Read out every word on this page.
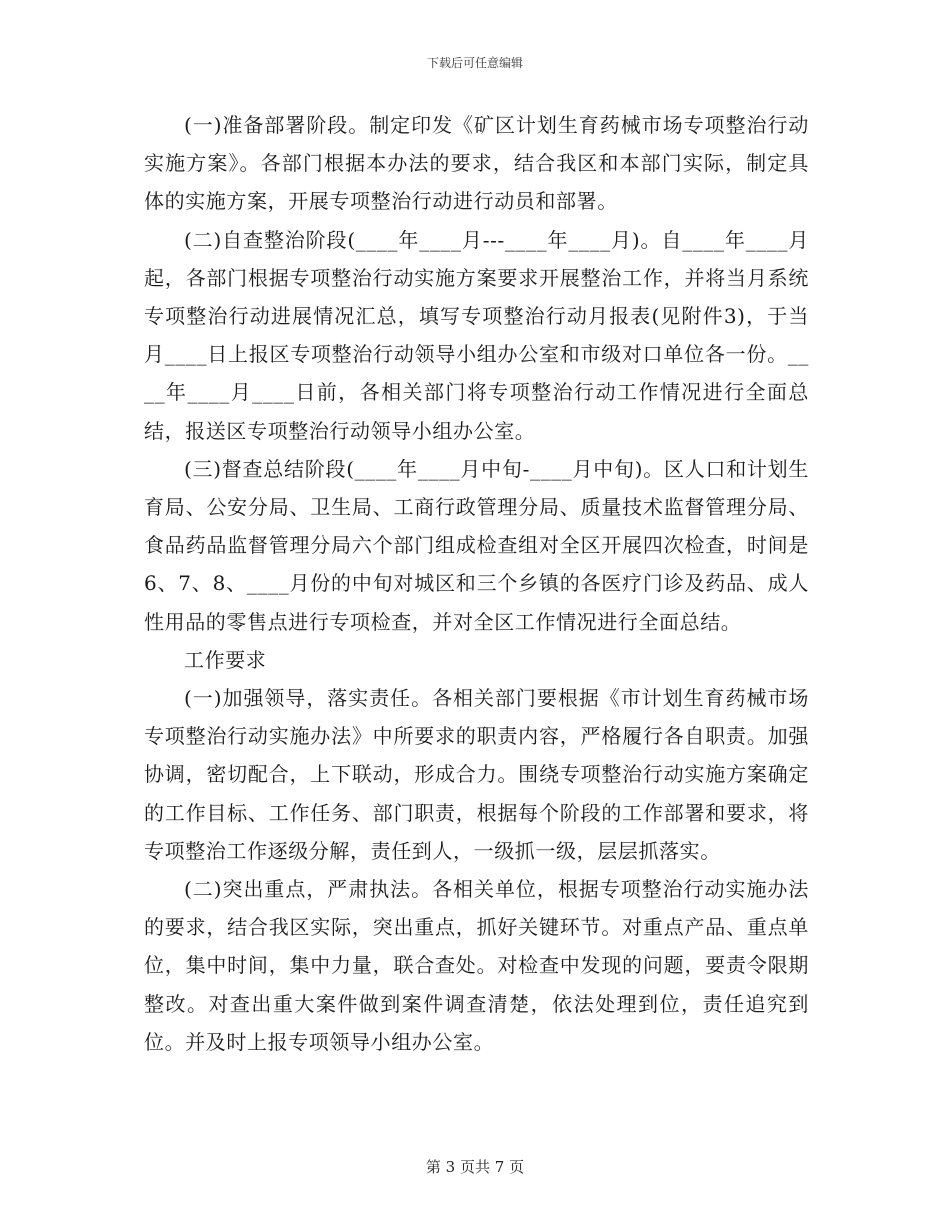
下载后可任意编辑

(一)准备部署阶段。制定印发《矿区计划生育药械市场专项整治行动实施方案》。各部门根据本办法的要求，结合我区和本部门实际，制定具体的实施方案，开展专项整治行动进行动员和部署。

(二)自查整治阶段(____年____月---____年____月)。自____年____月起，各部门根据专项整治行动实施方案要求开展整治工作，并将当月系统专项整治行动进展情况汇总，填写专项整治行动月报表(见附件3)，于当月____日上报区专项整治行动领导小组办公室和市级对口单位各一份。____年____月____日前，各相关部门将专项整治行动工作情况进行全面总结，报送区专项整治行动领导小组办公室。

(三)督查总结阶段(____年____月中旬-____月中旬)。区人口和计划生育局、公安分局、卫生局、工商行政管理分局、质量技术监督管理分局、食品药品监督管理分局六个部门组成检查组对全区开展四次检查，时间是6、7、8、____月份的中旬对城区和三个乡镇的各医疗门诊及药品、成人性用品的零售点进行专项检查，并对全区工作情况进行全面总结。

工作要求

(一)加强领导，落实责任。各相关部门要根据《市计划生育药械市场专项整治行动实施办法》中所要求的职责内容，严格履行各自职责。加强协调，密切配合，上下联动，形成合力。围绕专项整治行动实施方案确定的工作目标、工作任务、部门职责，根据每个阶段的工作部署和要求，将专项整治工作逐级分解，责任到人，一级抓一级，层层抓落实。

(二)突出重点，严肃执法。各相关单位，根据专项整治行动实施办法的要求，结合我区实际，突出重点，抓好关键环节。对重点产品、重点单位，集中时间，集中力量，联合查处。对检查中发现的问题，要责令限期整改。对查出重大案件做到案件调查清楚，依法处理到位，责任追究到位。并及时上报专项领导小组办公室。

第 3 页共 7 页
